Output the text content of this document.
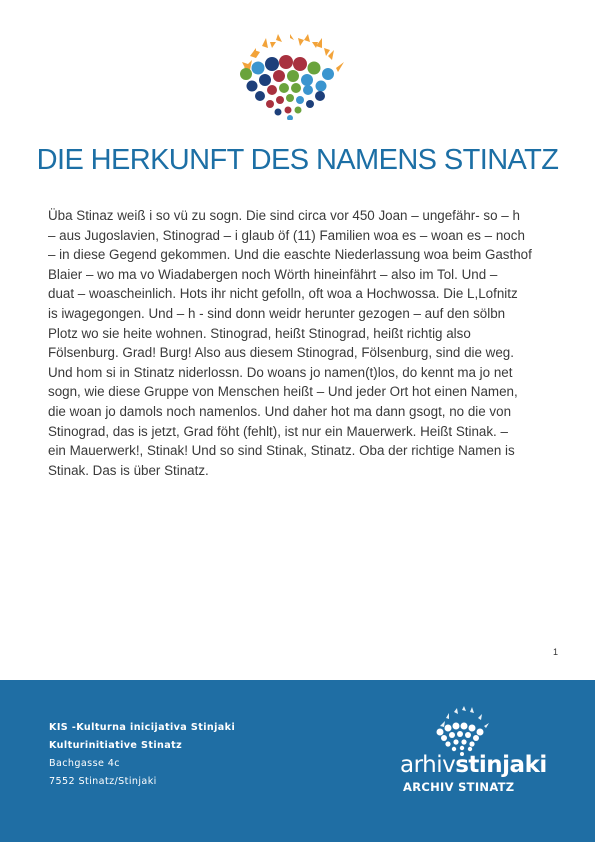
DIE HERKUNFT DES NAMENS STINATZ
Üba Stinaz weiß i so vü zu sogn. Die sind circa vor 450 Joan – ungefähr- so – h
– aus Jugoslavien, Stinograd – i glaub öf (11) Familien woa es – woan es – noch
– in diese Gegend gekommen. Und die easchte Niederlassung woa beim Gasthof
Blaier – wo ma vo Wiadabergen noch Wörth hineinfährt – also im Tol. Und –
duat – woascheinlich. Hots ihr nicht gefolln, oft woa a Hochwossa. Die L,Lofnitz
is iwagegongen. Und – h - sind donn weidr herunter gezogen – auf den sölbn
Plotz wo sie heite wohnen. Stinograd, heißt Stinograd, heißt richtig also
Fölsenburg. Grad! Burg! Also aus diesem Stinograd, Fölsenburg, sind die weg.
Und hom si in Stinatz niderlossn. Do woans jo namen(t)los, do kennt ma jo net
sogn, wie diese Gruppe von Menschen heißt – Und jeder Ort hot einen Namen,
die woan jo damols noch namenlos. Und daher hot ma dann gsogt, no die von
Stinograd, das is jetzt, Grad föht (fehlt), ist nur ein Mauerwerk. Heißt Stinak. –
ein Mauerwerk!, Stinak! Und so sind Stinak, Stinatz. Oba der richtige Namen is
Stinak. Das is über Stinatz.
1
KIS -Kulturna inicijativa Stinjaki
Kulturinitiative Stinatz
Bachgasse 4c
7552 Stinatz/Stinjaki
arhivstinjaki
ARCHIV STINATZ
